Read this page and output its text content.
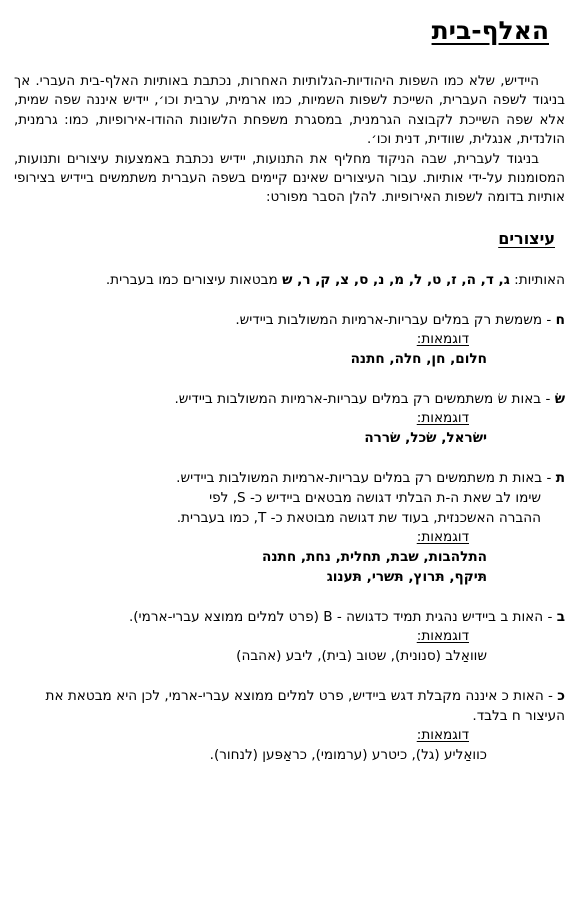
האלף-בית

היידיש, שלא כמו השפות היהודיות-הגלותיות האחרות, נכתבת באותיות האלף-בית העברי. אך בניגוד לשפה העברית, השייכת לשפות השמיות, כמו ארמית, ערבית וכו׳, יידיש איננה שפה שמית, אלא שפה השייכת לקבוצה הגרמנית, במסגרת משפחת הלשונות ההודו-אירופיות, כמו: גרמנית, הולנדית, אנגלית, שוודית, דנית וכו׳.

בניגוד לעברית, שבה הניקוד מחליף את התנועות, יידיש נכתבת באמצעות עיצורים ותנועות, המסומנות על-ידי אותיות. עבור העיצורים שאינם קיימים בשפה העברית משתמשים ביידיש בצירופי אותיות בדומה לשפות האירופיות. להלן הסבר מפורט:

עיצורים
האותיות: ג, ד, ה, ז, ט, ל, מ, נ, ס, צ, ק, ר, ש מבטאות עיצורים כמו בעברית.
ח - משמשת רק במלים עבריות-ארמיות המשולבות ביידיש.
דוגמאות:
חלום, חן, חלה, חתנה
שׂ - באות שׂ משתמשים רק במלים עבריות-ארמיות המשולבות ביידיש.
דוגמאות:
ישׂראל, שׂכל, שׂררה
ת - באות ת משתמשים רק במלים עבריות-ארמיות המשולבות ביידיש.
שימו לב שאת ה-ת הבלתי דגושה מבטאים ביידיש כ- S, לפי
ההברה האשכנזית, בעוד שת דגושה מבוטאת כ- T, כמו בעברית.
דוגמאות:
התלהבות, שבת, תחלית, נחת, חתנה
תּיקף, תּרוץ, תּשרי, תּענוג
ב - האות ב ביידיש נהגית תמיד כדגושה - B (פרט למלים ממוצא עברי-ארמי).
דוגמאות:
שוואַלב (סנונית), שטוב (בית), ליבע (אהבה)
כ - האות כ איננה מקבלת דגש ביידיש, פרט למלים ממוצא עברי-ארמי, לכן היא מבטאת את העיצור ח בלבד.
דוגמאות:
כוואַליע (גל), כיטרע (ערמומי), כראַפּען (לנחור).
